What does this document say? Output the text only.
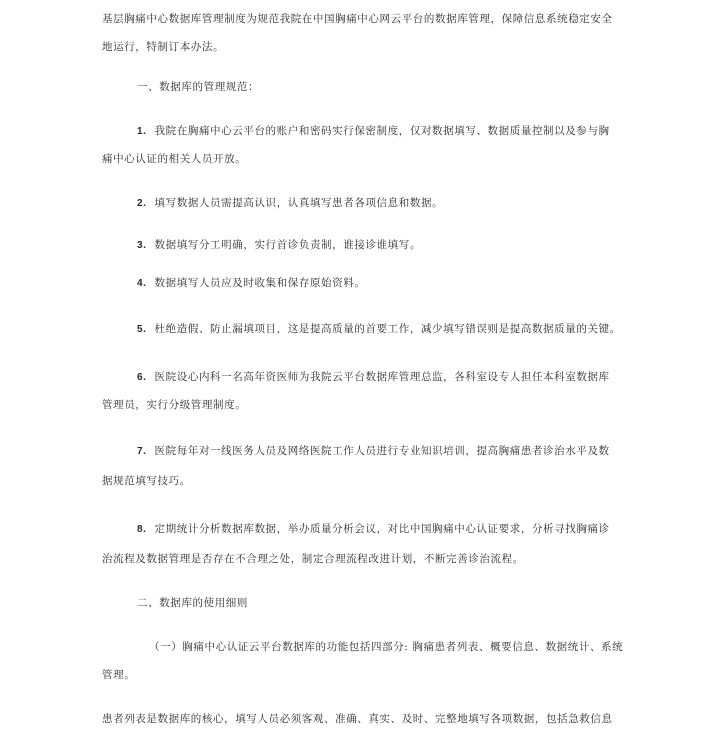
基层胸痛中心数据库管理制度为规范我院在中国胸痛中心网云平台的数据库管理，保障信息系统稳定安全
地运行，特制订本办法。
一、数据库的管理规范：
1. 我院在胸痛中心云平台的账户和密码实行保密制度，仅对数据填写、数据质量控制以及参与胸
痛中心认证的相关人员开放。
2. 填写数据人员需提高认识，认真填写患者各项信息和数据。
3. 数据填写分工明确，实行首诊负责制，谁接诊谁填写。
4. 数据填写人员应及时收集和保存原始资料。
5. 杜绝造假、防止漏填项目，这是提高质量的首要工作，减少填写错误则是提高数据质量的关键。
6. 医院设心内科一名高年资医师为我院云平台数据库管理总监，各科室设专人担任本科室数据库
管理员，实行分级管理制度。
7. 医院每年对一线医务人员及网络医院工作人员进行专业知识培训，提高胸痛患者诊治水平及数
据规范填写技巧。
8. 定期统计分析数据库数据，举办质量分析会议，对比中国胸痛中心认证要求，分析寻找胸痛诊
治流程及数据管理是否存在不合理之处，制定合理流程改进计划，不断完善诊治流程。
二、数据库的使用细则
（一）胸痛中心认证云平台数据库的功能包括四部分: 胸痛患者列表、概要信息、数据统计、系统
管理。
患者列表是数据库的核心，填写人员必须客观、准确、真实、及时、完整地填写各项数据，包括急救信息
